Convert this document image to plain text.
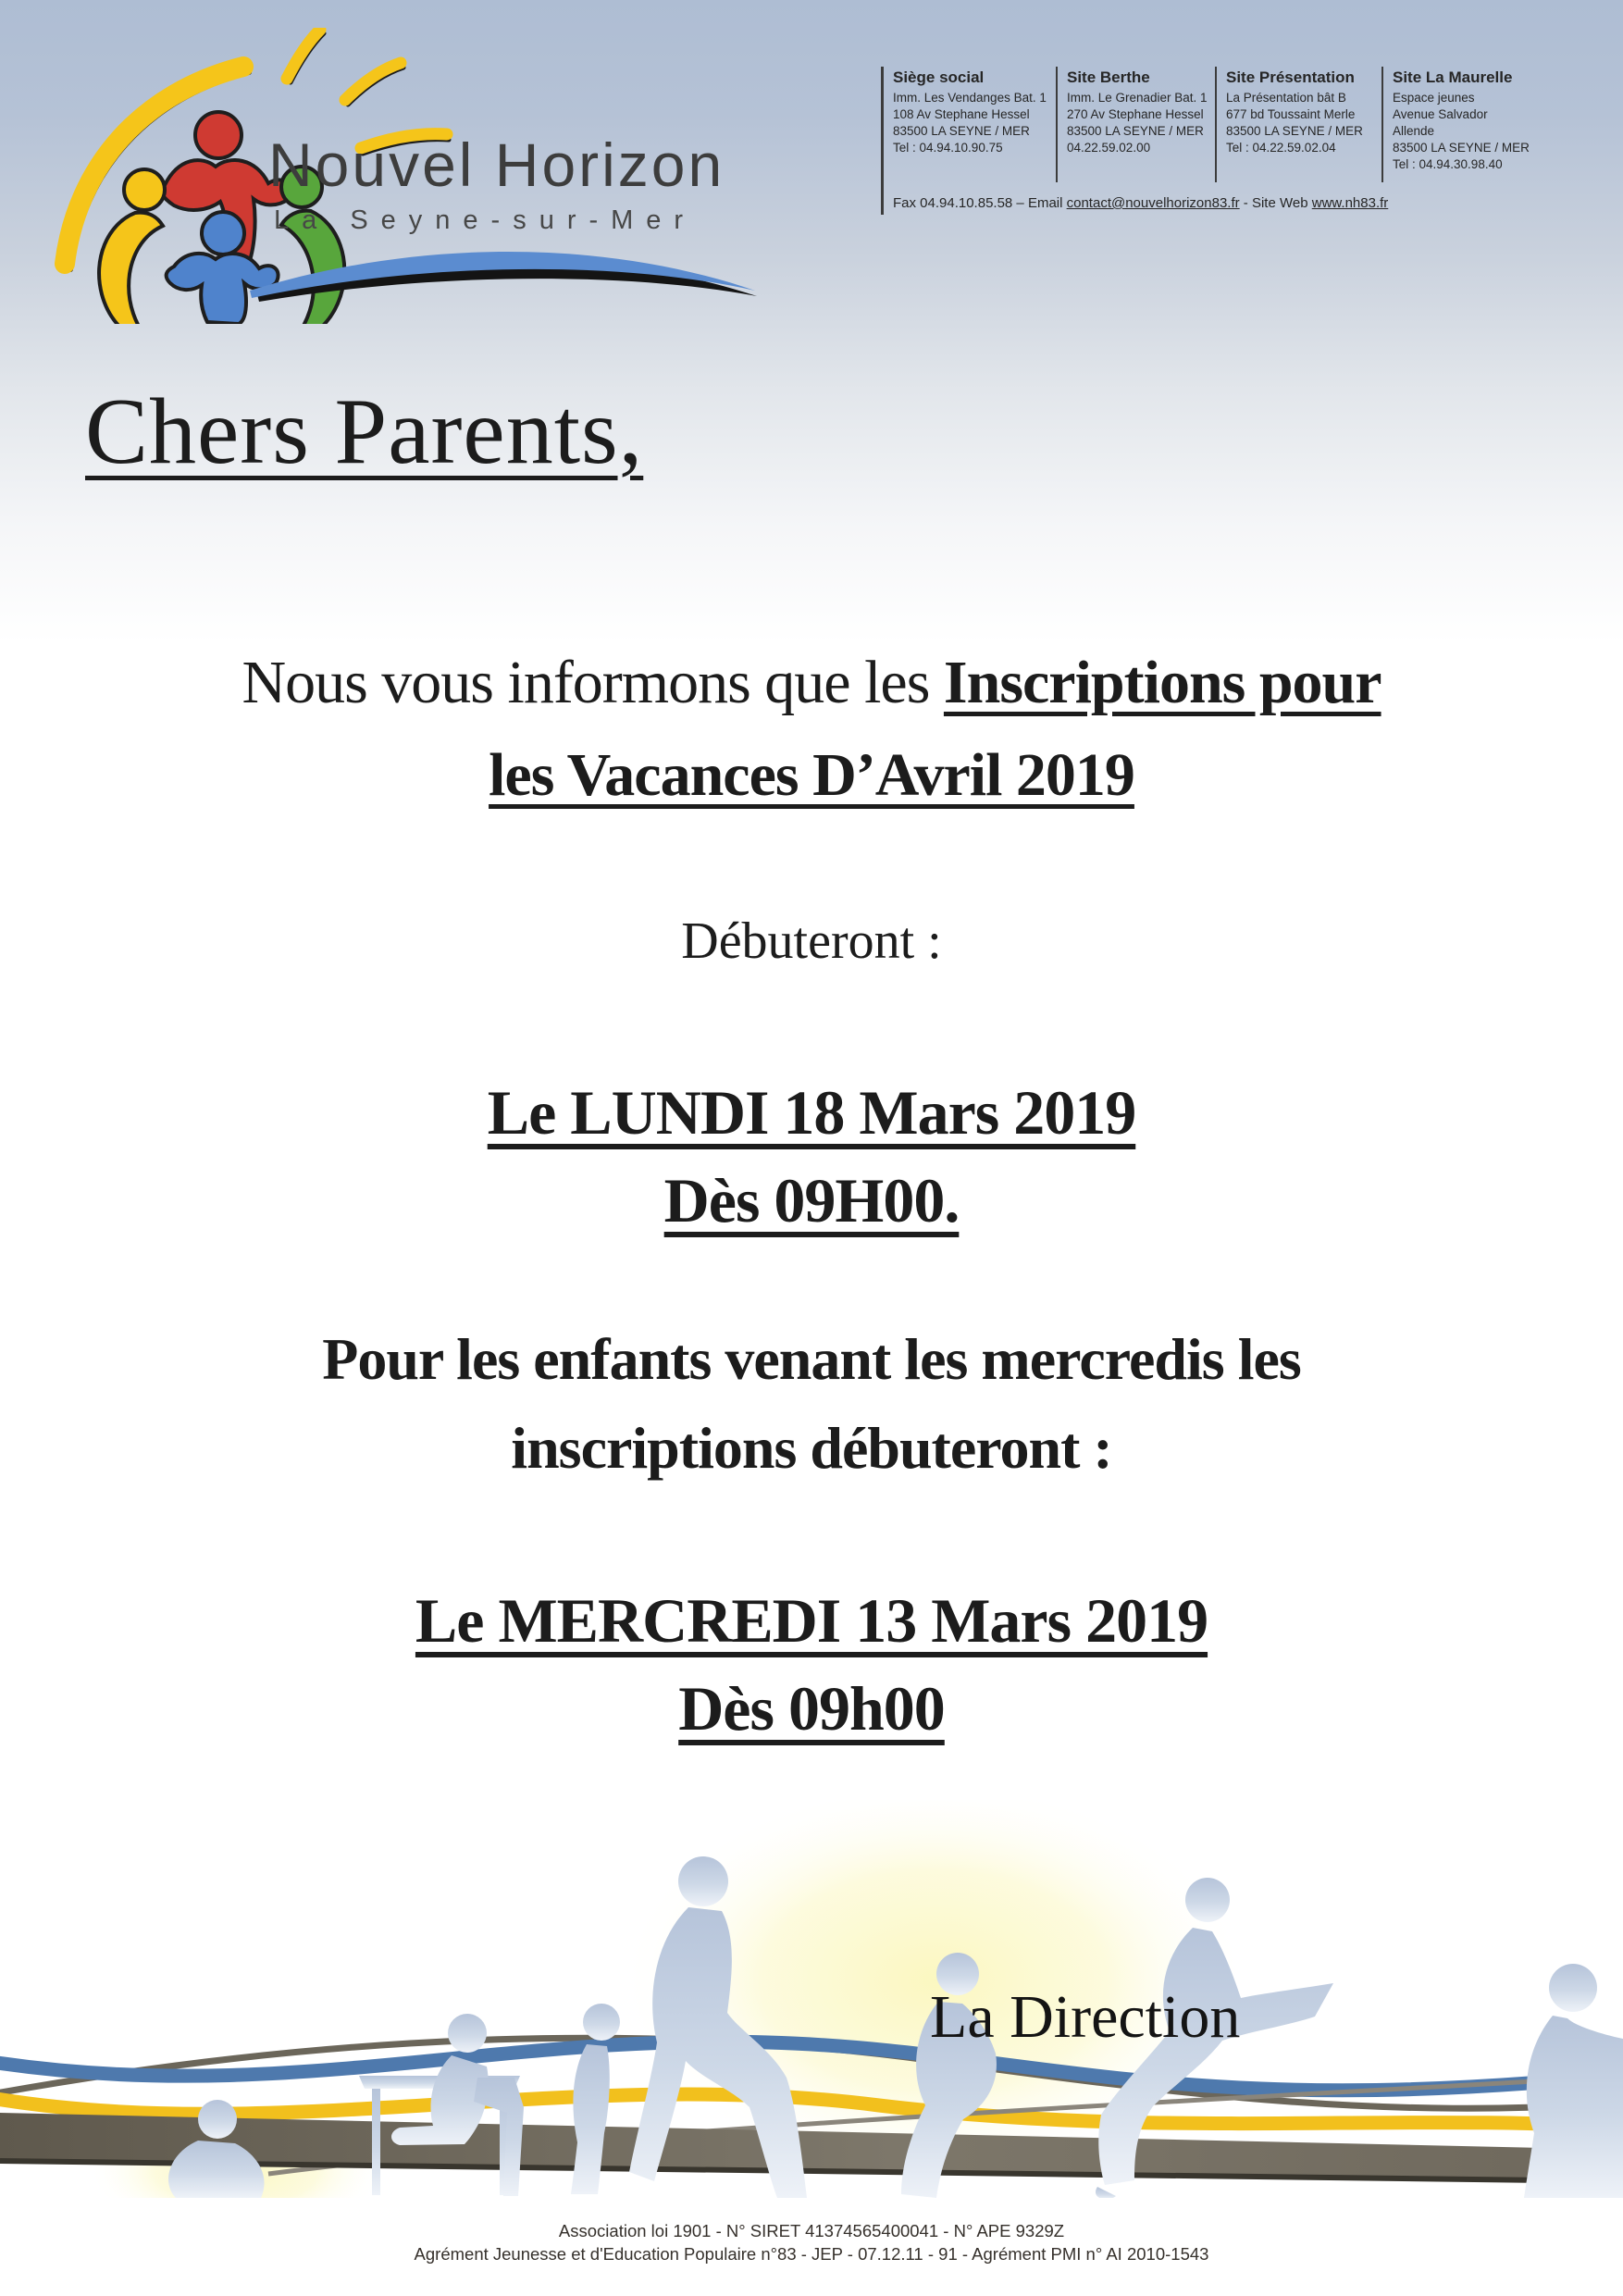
Nouvel Horizon
La Seyne-sur-Mer
Siège social
Imm. Les Vendanges Bat. 1
108 Av Stephane Hessel
83500 LA SEYNE / MER
Tel : 04.94.10.90.75
Site Berthe
Imm. Le Grenadier Bat. 1
270 Av Stephane Hessel
83500 LA SEYNE / MER
04.22.59.02.00
Site Présentation
La Présentation bât B
677 bd Toussaint Merle
83500 LA SEYNE / MER
Tel : 04.22.59.02.04
Site La Maurelle
Espace jeunes
Avenue Salvador
Allende
83500 LA SEYNE / MER
Tel : 04.94.30.98.40
Fax 04.94.10.85.58 – Email contact@nouvelhorizon83.fr - Site Web www.nh83.fr
Chers Parents,
Nous vous informons que les Inscriptions pour
les Vacances D’Avril 2019
Débuteront :
Le LUNDI 18 Mars 2019
Dès 09H00.
Pour les enfants venant les mercredis les
inscriptions débuteront :
Le MERCREDI 13 Mars 2019
Dès 09h00
La Direction
Association loi 1901 - N° SIRET 41374565400041 - N° APE 9329Z
Agrément Jeunesse et d'Education Populaire n°83 - JEP - 07.12.11 - 91 - Agrément PMI n° AI 2010-1543
